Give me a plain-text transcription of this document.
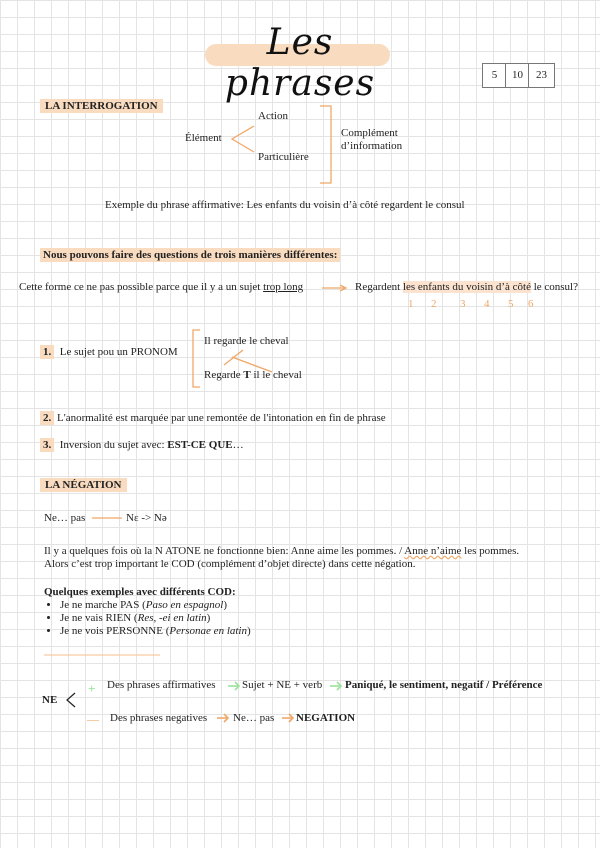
Les phrases	5	10	23
LA INTERROGATION
Élément
Action
Particulière
Complément
d’information
Exemple du phrase affirmative: Les enfants du voisin d’à côté regardent le consul
Nous pouvons faire des questions de trois manières différentes:
Cette forme ce ne pas possible parce que il y a un sujet trop long	Regardent les enfants du voisin d’à côté le consul?
1 2 3 4 5 6
1. Le sujet pou un PRONOM
Il regarde le cheval
Regarde T il le cheval
2. L'anormalité est marquée par une remontée de l'intonation en fin de phrase
3. Inversion du sujet avec: EST-CE QUE…
LA NÉGATION
Ne… pas	Nɛ -> Nə
Il y a quelques fois où la N ATONE ne fonctionne bien: Anne aime les pommes. / Anne n’aime les pommes.
Alors c’est trop important le COD (complément d’objet directe) dans cette négation.
Quelques exemples avec différents COD:
• Je ne marche PAS (Paso en espagnol)
• Je ne vais RIEN (Res, -ei en latin)
• Je ne vois PERSONNE (Personae en latin)
NE
+
—
Des phrases affirmatives Sujet + NE + verb Paniqué, le sentiment, negatif / Préférence
Des phrases negatives Ne… pas NEGATION
